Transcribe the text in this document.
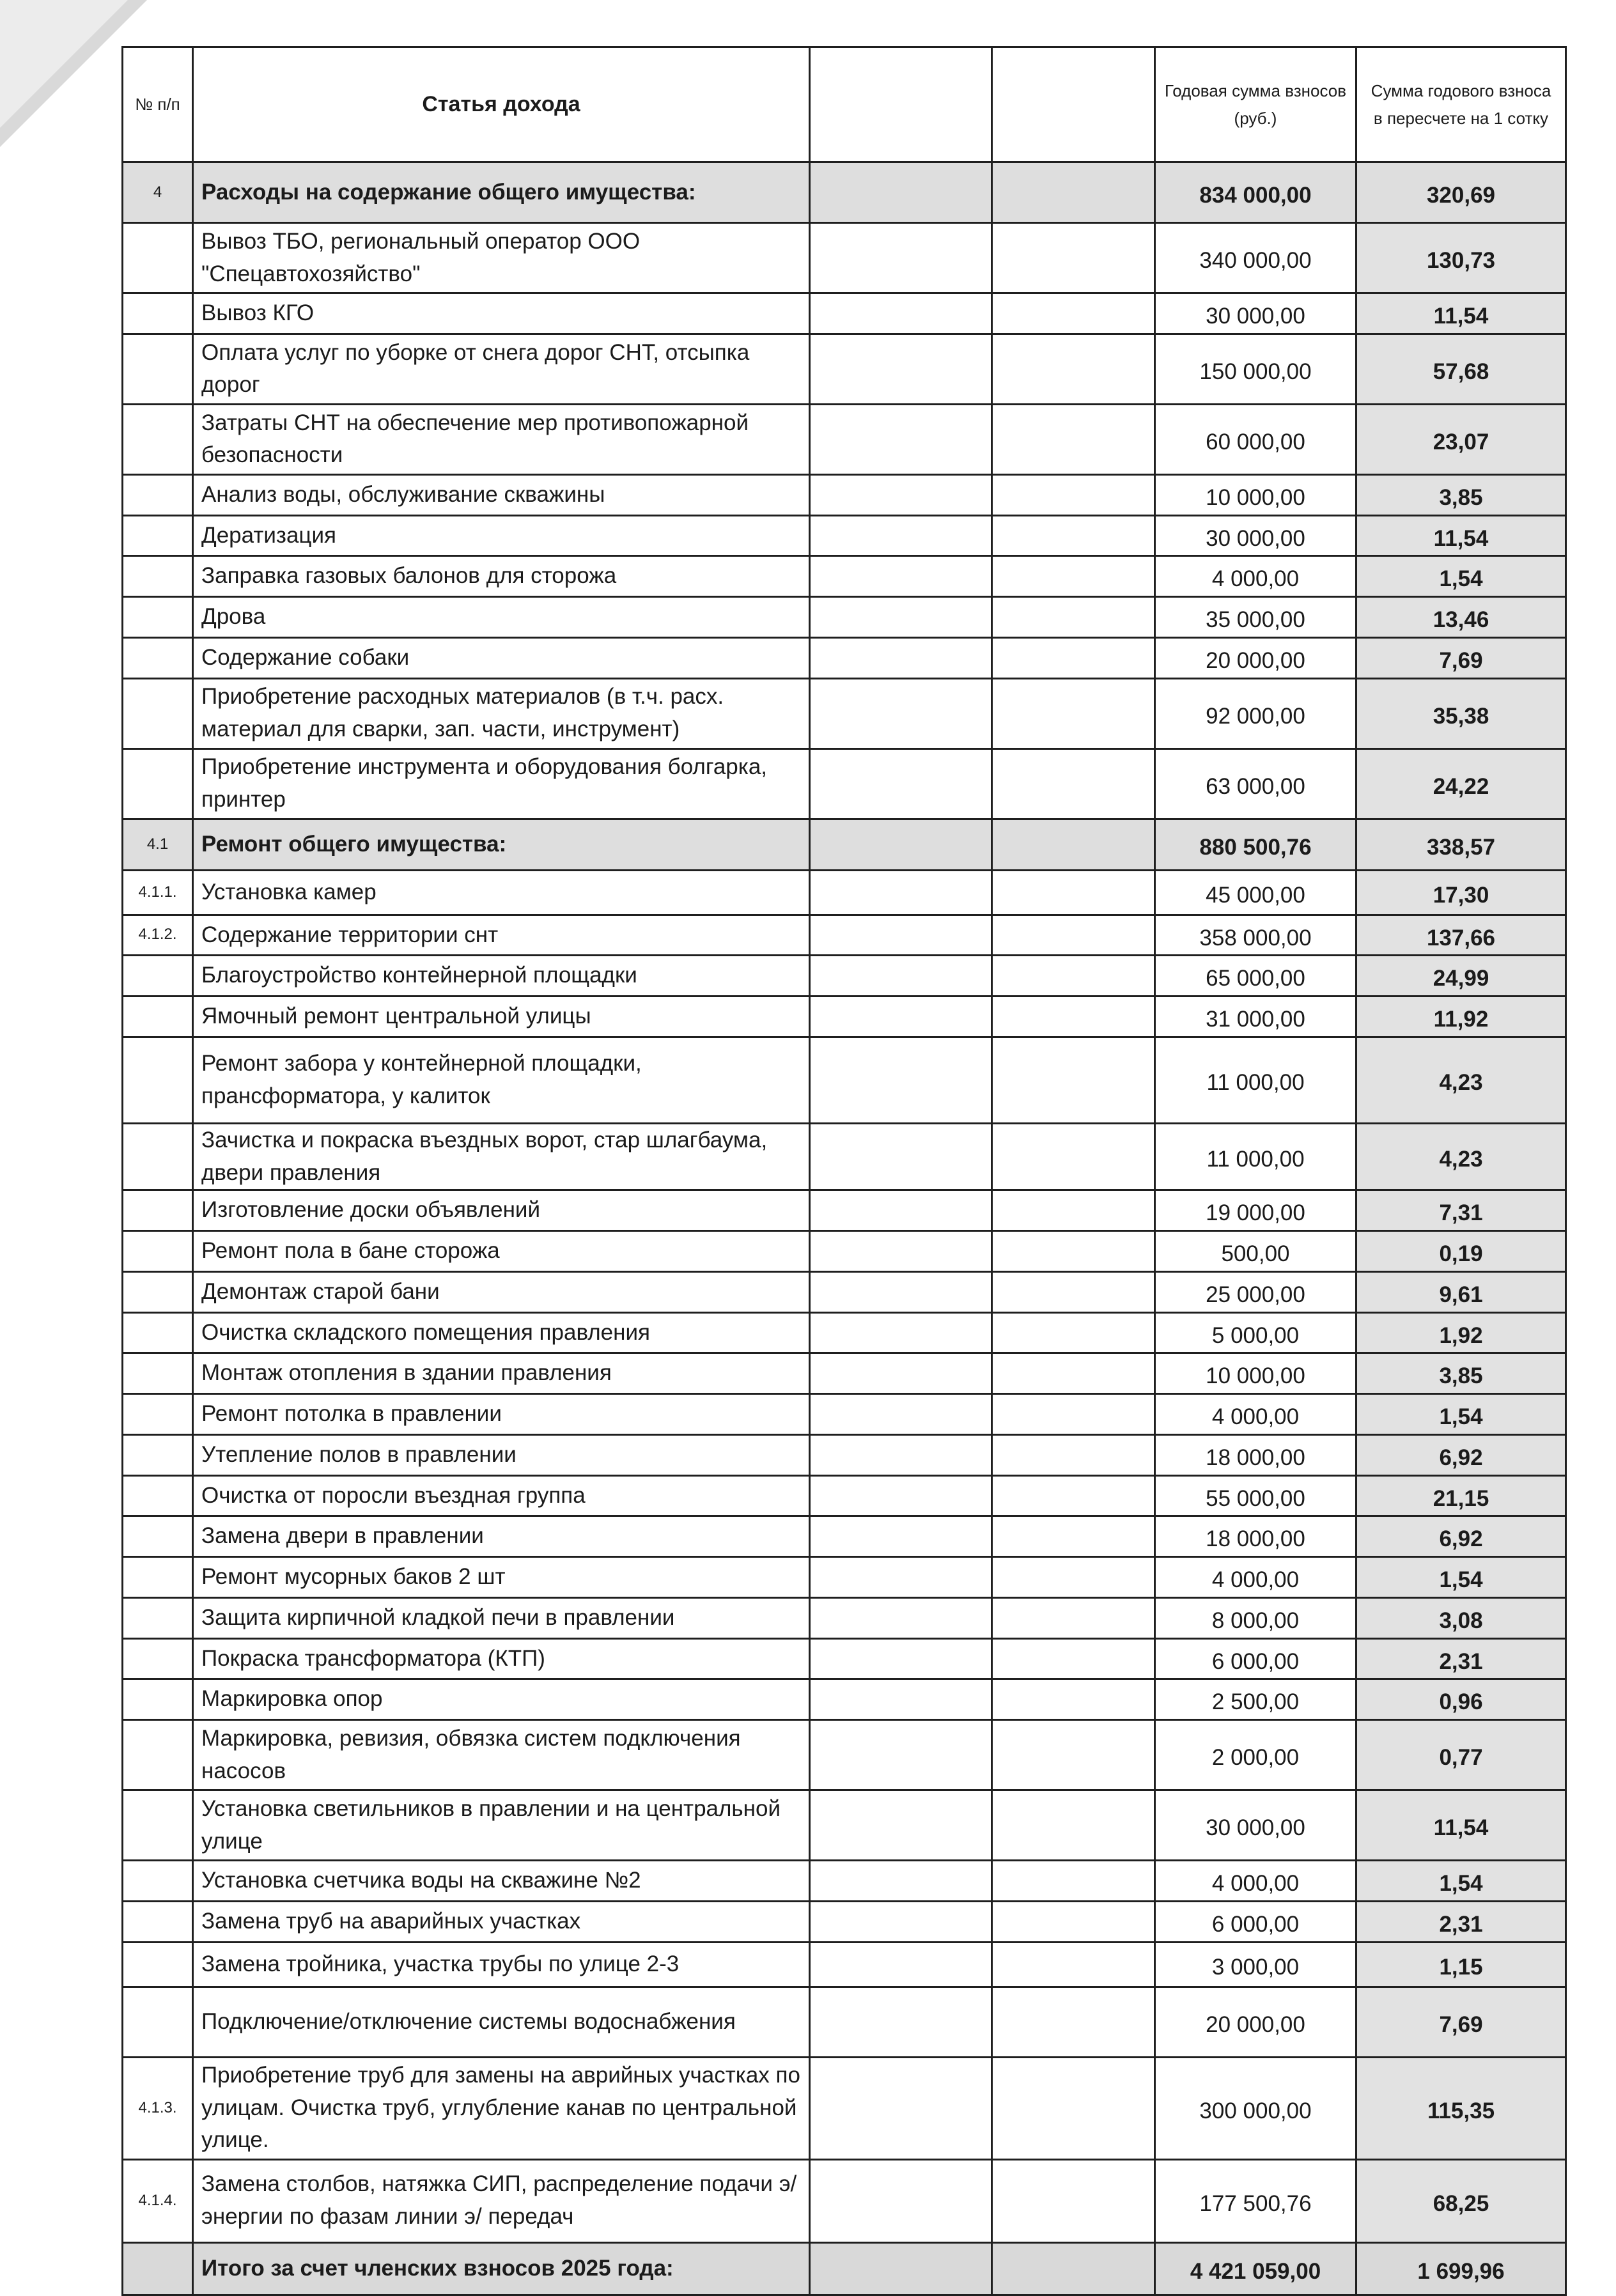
№ п/п	Статья дохода			Годовая сумма взносов (руб.)	Сумма годового взноса в пересчете на 1 сотку
4	Расходы на содержание общего имущества:			834 000,00	320,69
	Вывоз ТБО, региональный оператор ООО "Спецавтохозяйство"			340 000,00	130,73
	Вывоз КГО			30 000,00	11,54
	Оплата услуг по уборке от снега дорог СНТ, отсыпка дорог			150 000,00	57,68
	Затраты СНТ на обеспечение мер противопожарной безопасности			60 000,00	23,07
	Анализ воды, обслуживание скважины			10 000,00	3,85
	Дератизация			30 000,00	11,54
	Заправка газовых балонов для сторожа			4 000,00	1,54
	Дрова			35 000,00	13,46
	Содержание собаки			20 000,00	7,69
	Приобретение расходных материалов (в т.ч. расх. материал для сварки, зап. части, инструмент)			92 000,00	35,38
	Приобретение инструмента и оборудования болгарка, принтер			63 000,00	24,22
4.1	Ремонт общего имущества:			880 500,76	338,57
4.1.1.	Установка камер			45 000,00	17,30
4.1.2.	Содержание территории снт			358 000,00	137,66
	Благоустройство контейнерной площадки			65 000,00	24,99
	Ямочный ремонт центральной улицы			31 000,00	11,92
	Ремонт забора у контейнерной площадки, прансформатора, у калиток			11 000,00	4,23
	Зачистка и покраска въездных ворот, стар шлагбаума, двери правления			11 000,00	4,23
	Изготовление доски объявлений			19 000,00	7,31
	Ремонт пола в бане сторожа			500,00	0,19
	Демонтаж старой бани			25 000,00	9,61
	Очистка складского помещения правления			5 000,00	1,92
	Монтаж отопления в здании правления			10 000,00	3,85
	Ремонт потолка в правлении			4 000,00	1,54
	Утепление полов в правлении			18 000,00	6,92
	Очистка от поросли въездная группа			55 000,00	21,15
	Замена двери в правлении			18 000,00	6,92
	Ремонт мусорных баков 2 шт			4 000,00	1,54
	Защита кирпичной кладкой печи в правлении			8 000,00	3,08
	Покраска трансформатора (КТП)			6 000,00	2,31
	Маркировка опор			2 500,00	0,96
	Маркировка, ревизия, обвязка систем подключения насосов			2 000,00	0,77
	Установка светильников в правлении и на центральной улице			30 000,00	11,54
	Установка счетчика воды на скважине №2			4 000,00	1,54
	Замена труб на аварийных участках			6 000,00	2,31
	Замена тройника, участка трубы по улице 2-3			3 000,00	1,15
	Подключение/отключение системы водоснабжения			20 000,00	7,69
4.1.3.	Приобретение труб для замены на аврийных участках по улицам. Очистка труб, углубление канав по центральной улице.			300 000,00	115,35
4.1.4.	Замена столбов, натяжка СИП, распределение подачи э/энергии по фазам линии э/ передач			177 500,76	68,25
	Итого за счет членских взносов 2025 года:			4 421 059,00	1 699,96
